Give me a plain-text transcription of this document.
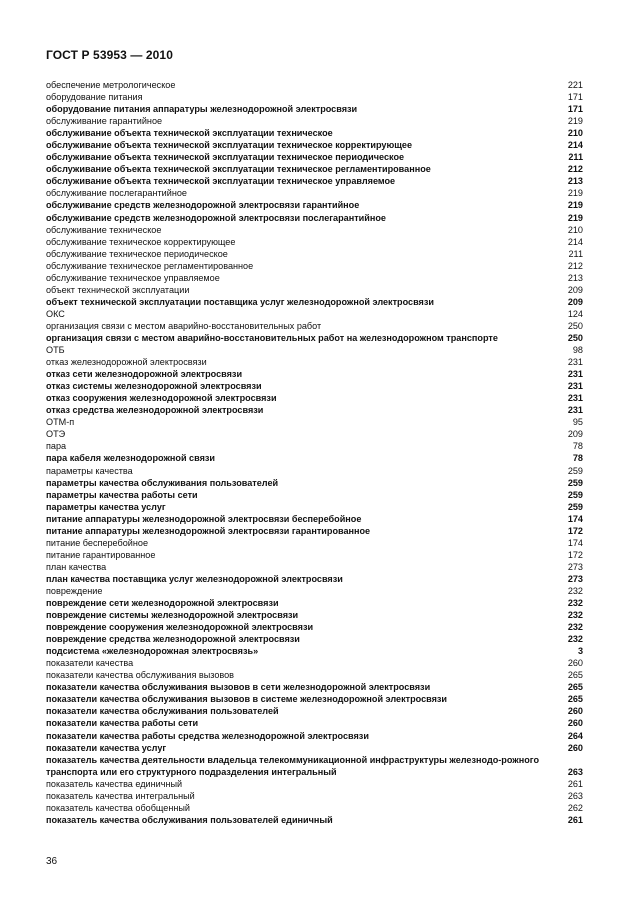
ГОСТ Р 53953 — 2010
обеспечение метрологическое	221
оборудование питания	171
оборудование питания аппаратуры железнодорожной электросвязи	171
обслуживание гарантийное	219
обслуживание объекта технической эксплуатации техническое	210
обслуживание объекта технической эксплуатации техническое корректирующее	214
обслуживание объекта технической эксплуатации техническое периодическое	211
обслуживание объекта технической эксплуатации техническое регламентированное	212
обслуживание объекта технической эксплуатации техническое управляемое	213
обслуживание послегарантийное	219
обслуживание средств железнодорожной электросвязи гарантийное	219
обслуживание средств железнодорожной электросвязи послегарантийное	219
обслуживание техническое	210
обслуживание техническое корректирующее	214
обслуживание техническое периодическое	211
обслуживание техническое регламентированное	212
обслуживание техническое управляемое	213
объект технической эксплуатации	209
объект технической эксплуатации поставщика услуг железнодорожной электросвязи	209
ОКС	124
организация связи с местом аварийно-восстановительных работ	250
организация связи с местом аварийно-восстановительных работ на железнодорожном транспорте	250
ОТБ	98
отказ железнодорожной электросвязи	231
отказ сети железнодорожной электросвязи	231
отказ системы железнодорожной электросвязи	231
отказ сооружения железнодорожной электросвязи	231
отказ средства железнодорожной электросвязи	231
ОТМ-п	95
ОТЭ	209
пара	78
пара кабеля железнодорожной связи	78
параметры качества	259
параметры качества обслуживания пользователей	259
параметры качества работы сети	259
параметры качества услуг	259
питание аппаратуры железнодорожной электросвязи бесперебойное	174
питание аппаратуры железнодорожной электросвязи гарантированное	172
питание бесперебойное	174
питание гарантированное	172
план качества	273
план качества поставщика услуг железнодорожной электросвязи	273
повреждение	232
повреждение сети железнодорожной электросвязи	232
повреждение системы железнодорожной электросвязи	232
повреждение сооружения железнодорожной электросвязи	232
повреждение средства железнодорожной электросвязи	232
подсистема «железнодорожная электросвязь»	3
показатели качества	260
показатели качества обслуживания вызовов	265
показатели качества обслуживания вызовов в сети железнодорожной электросвязи	265
показатели качества обслуживания вызовов в системе железнодорожной электросвязи	265
показатели качества обслуживания пользователей	260
показатели качества работы сети	260
показатели качества работы средства железнодорожной электросвязи	264
показатели качества услуг	260
показатель качества деятельности владельца телекоммуникационной инфраструктуры железнодо-рожного транспорта или его структурного подразделения интегральный	263
показатель качества единичный	261
показатель качества интегральный	263
показатель качества обобщенный	262
показатель качества обслуживания пользователей единичный	261
36
